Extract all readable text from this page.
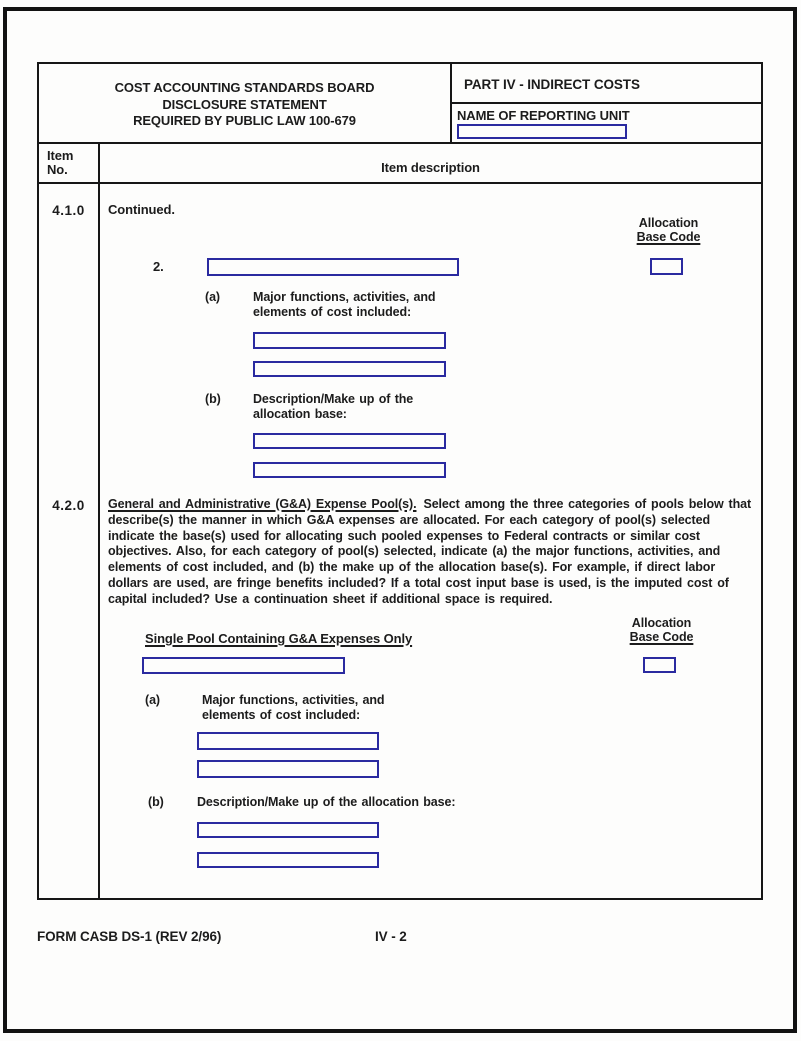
COST ACCOUNTING STANDARDS BOARD
DISCLOSURE STATEMENT
REQUIRED BY PUBLIC LAW 100-679
PART IV - INDIRECT COSTS
NAME OF REPORTING UNIT
Item
No.	Item description
4.1.0	Continued.
Allocation
Base Code
2.
(a)	Major functions, activities, and
elements of cost included:
(b)	Description/Make up of the
allocation base:
4.2.0	General and Administrative (G&A) Expense Pool(s). Select among the three categories of pools below that describe(s) the manner in which G&A expenses are allocated. For each category of pool(s) selected indicate the base(s) used for allocating such pooled expenses to Federal contracts or similar cost objectives. Also, for each category of pool(s) selected, indicate (a) the major functions, activities, and elements of cost included, and (b) the make up of the allocation base(s). For example, if direct labor dollars are used, are fringe benefits included? If a total cost input base is used, is the imputed cost of capital included? Use a continuation sheet if additional space is required.
Allocation
Base Code
Single Pool Containing G&A Expenses Only
(a)	Major functions, activities, and
elements of cost included:
(b)	Description/Make up of the allocation base:
FORM CASB DS-1 (REV 2/96)	IV - 2
